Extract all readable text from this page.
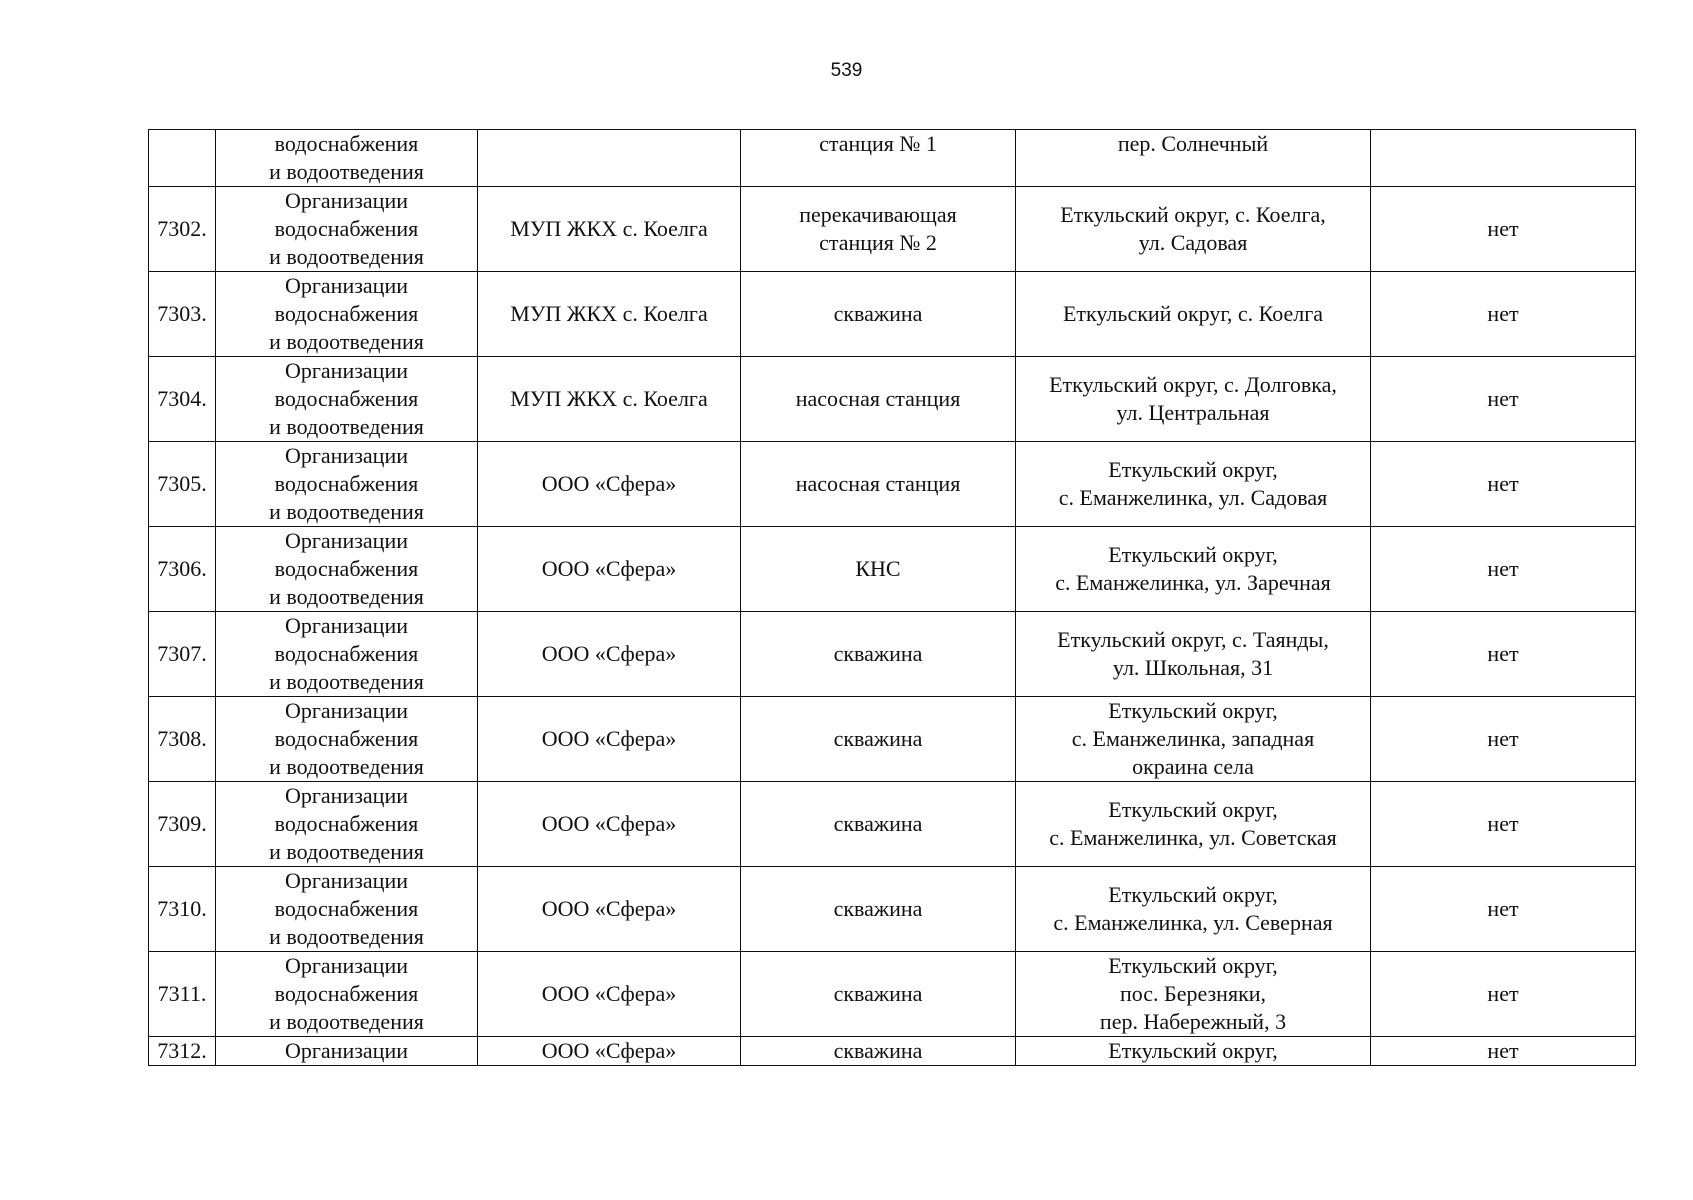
539
	водоснабжения
и водоотведения		станция № 1	пер. Солнечный	
7302.	Организации
водоснабжения
и водоотведения	МУП ЖКХ с. Коелга	перекачивающая
станция № 2	Еткульский округ, с. Коелга,
ул. Садовая	нет
7303.	Организации
водоснабжения
и водоотведения	МУП ЖКХ с. Коелга	скважина	Еткульский округ, с. Коелга	нет
7304.	Организации
водоснабжения
и водоотведения	МУП ЖКХ с. Коелга	насосная станция	Еткульский округ, с. Долговка,
ул. Центральная	нет
7305.	Организации
водоснабжения
и водоотведения	ООО «Сфера»	насосная станция	Еткульский округ,
с. Еманжелинка, ул. Садовая	нет
7306.	Организации
водоснабжения
и водоотведения	ООО «Сфера»	КНС	Еткульский округ,
с. Еманжелинка, ул. Заречная	нет
7307.	Организации
водоснабжения
и водоотведения	ООО «Сфера»	скважина	Еткульский округ, с. Таянды,
ул. Школьная, 31	нет
7308.	Организации
водоснабжения
и водоотведения	ООО «Сфера»	скважина	Еткульский округ,
с. Еманжелинка, западная
окраина села	нет
7309.	Организации
водоснабжения
и водоотведения	ООО «Сфера»	скважина	Еткульский округ,
с. Еманжелинка, ул. Советская	нет
7310.	Организации
водоснабжения
и водоотведения	ООО «Сфера»	скважина	Еткульский округ,
с. Еманжелинка, ул. Северная	нет
7311.	Организации
водоснабжения
и водоотведения	ООО «Сфера»	скважина	Еткульский округ,
пос. Березняки,
пер. Набережный, 3	нет
7312.	Организации	ООО «Сфера»	скважина	Еткульский округ,	нет
